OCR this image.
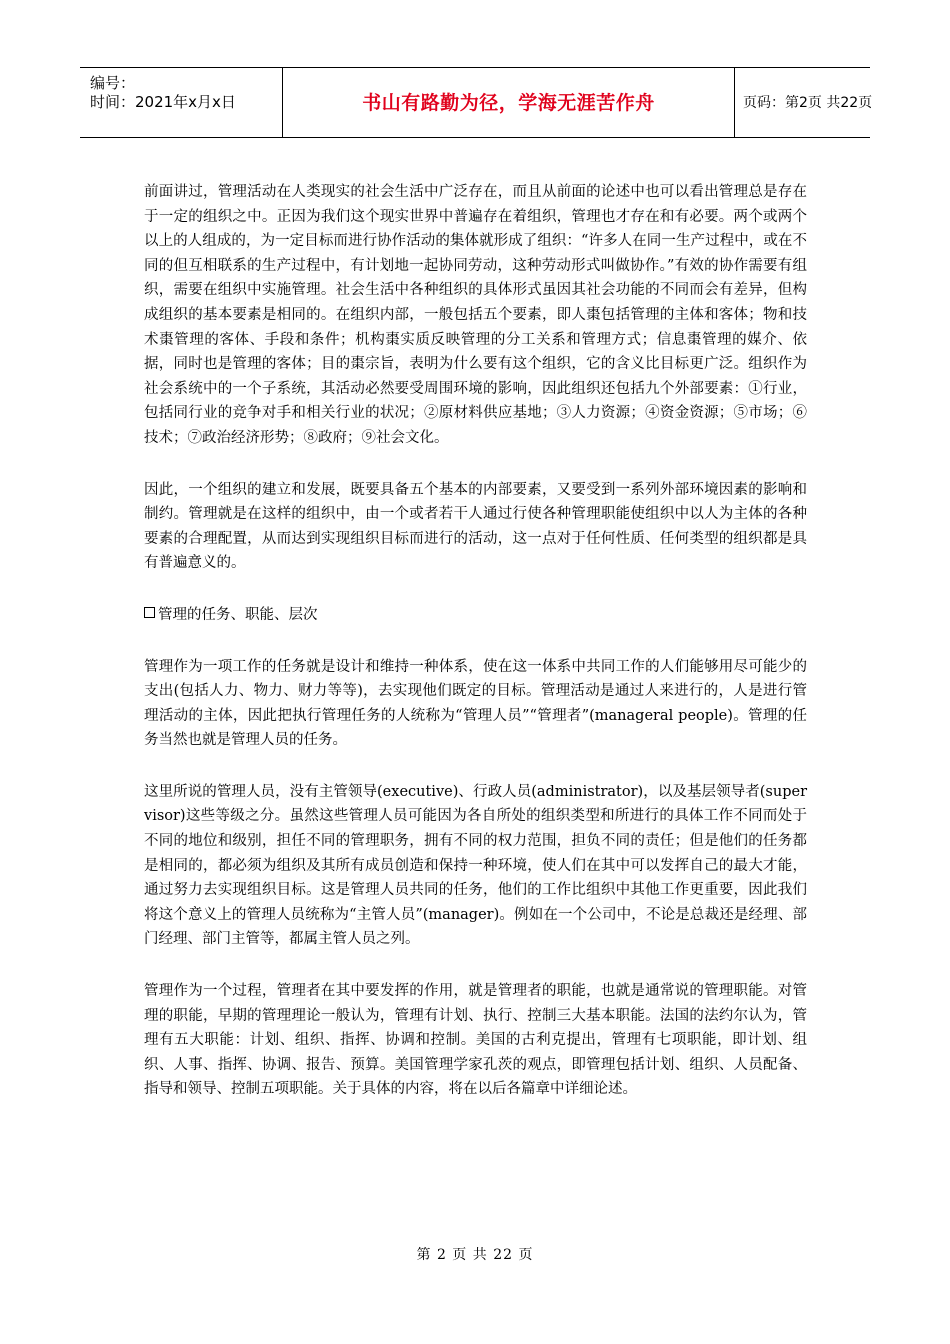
编号：
时间：2021年x月x日	书山有路勤为径，学海无涯苦作舟	页码：第2页 共22页

前面讲过，管理活动在人类现实的社会生活中广泛存在，而且从前面的论述中也可以看出管理总是存在于一定的组织之中。正因为我们这个现实世界中普遍存在着组织，管理也才存在和有必要。两个或两个以上的人组成的，为一定目标而进行协作活动的集体就形成了组织：“许多人在同一生产过程中，或在不同的但互相联系的生产过程中，有计划地一起协同劳动，这种劳动形式叫做协作。”有效的协作需要有组织，需要在组织中实施管理。社会生活中各种组织的具体形式虽因其社会功能的不同而会有差异，但构成组织的基本要素是相同的。在组织内部，一般包括五个要素，即人棗包括管理的主体和客体；物和技术棗管理的客体、手段和条件；机构棗实质反映管理的分工关系和管理方式；信息棗管理的媒介、依据，同时也是管理的客体；目的棗宗旨，表明为什么要有这个组织，它的含义比目标更广泛。组织作为社会系统中的一个子系统，其活动必然要受周围环境的影响，因此组织还包括九个外部要素：①行业，包括同行业的竞争对手和相关行业的状况；②原材料供应基地；③人力资源；④资金资源；⑤市场；⑥技术；⑦政治经济形势；⑧政府；⑨社会文化。

因此，一个组织的建立和发展，既要具备五个基本的内部要素，又要受到一系列外部环境因素的影响和制约。管理就是在这样的组织中，由一个或者若干人通过行使各种管理职能使组织中以人为主体的各种要素的合理配置，从而达到实现组织目标而进行的活动，这一点对于任何性质、任何类型的组织都是具有普遍意义的。

管理的任务、职能、层次

管理作为一项工作的任务就是设计和维持一种体系，使在这一体系中共同工作的人们能够用尽可能少的支出(包括人力、物力、财力等等)，去实现他们既定的目标。管理活动是通过人来进行的，人是进行管理活动的主体，因此把执行管理任务的人统称为“管理人员”“管理者”(manageral people)。管理的任务当然也就是管理人员的任务。

这里所说的管理人员，没有主管领导(executive)、行政人员(administrator)，以及基层领导者(supervisor)这些等级之分。虽然这些管理人员可能因为各自所处的组织类型和所进行的具体工作不同而处于不同的地位和级别，担任不同的管理职务，拥有不同的权力范围，担负不同的责任；但是他们的任务都是相同的，都必须为组织及其所有成员创造和保持一种环境，使人们在其中可以发挥自己的最大才能，通过努力去实现组织目标。这是管理人员共同的任务，他们的工作比组织中其他工作更重要，因此我们将这个意义上的管理人员统称为“主管人员”(manager)。例如在一个公司中，不论是总裁还是经理、部门经理、部门主管等，都属主管人员之列。

管理作为一个过程，管理者在其中要发挥的作用，就是管理者的职能，也就是通常说的管理职能。对管理的职能，早期的管理理论一般认为，管理有计划、执行、控制三大基本职能。法国的法约尔认为，管理有五大职能：计划、组织、指挥、协调和控制。美国的古利克提出，管理有七项职能，即计划、组织、人事、指挥、协调、报告、预算。美国管理学家孔茨的观点，即管理包括计划、组织、人员配备、指导和领导、控制五项职能。关于具体的内容，将在以后各篇章中详细论述。

第 2 页 共 22 页
